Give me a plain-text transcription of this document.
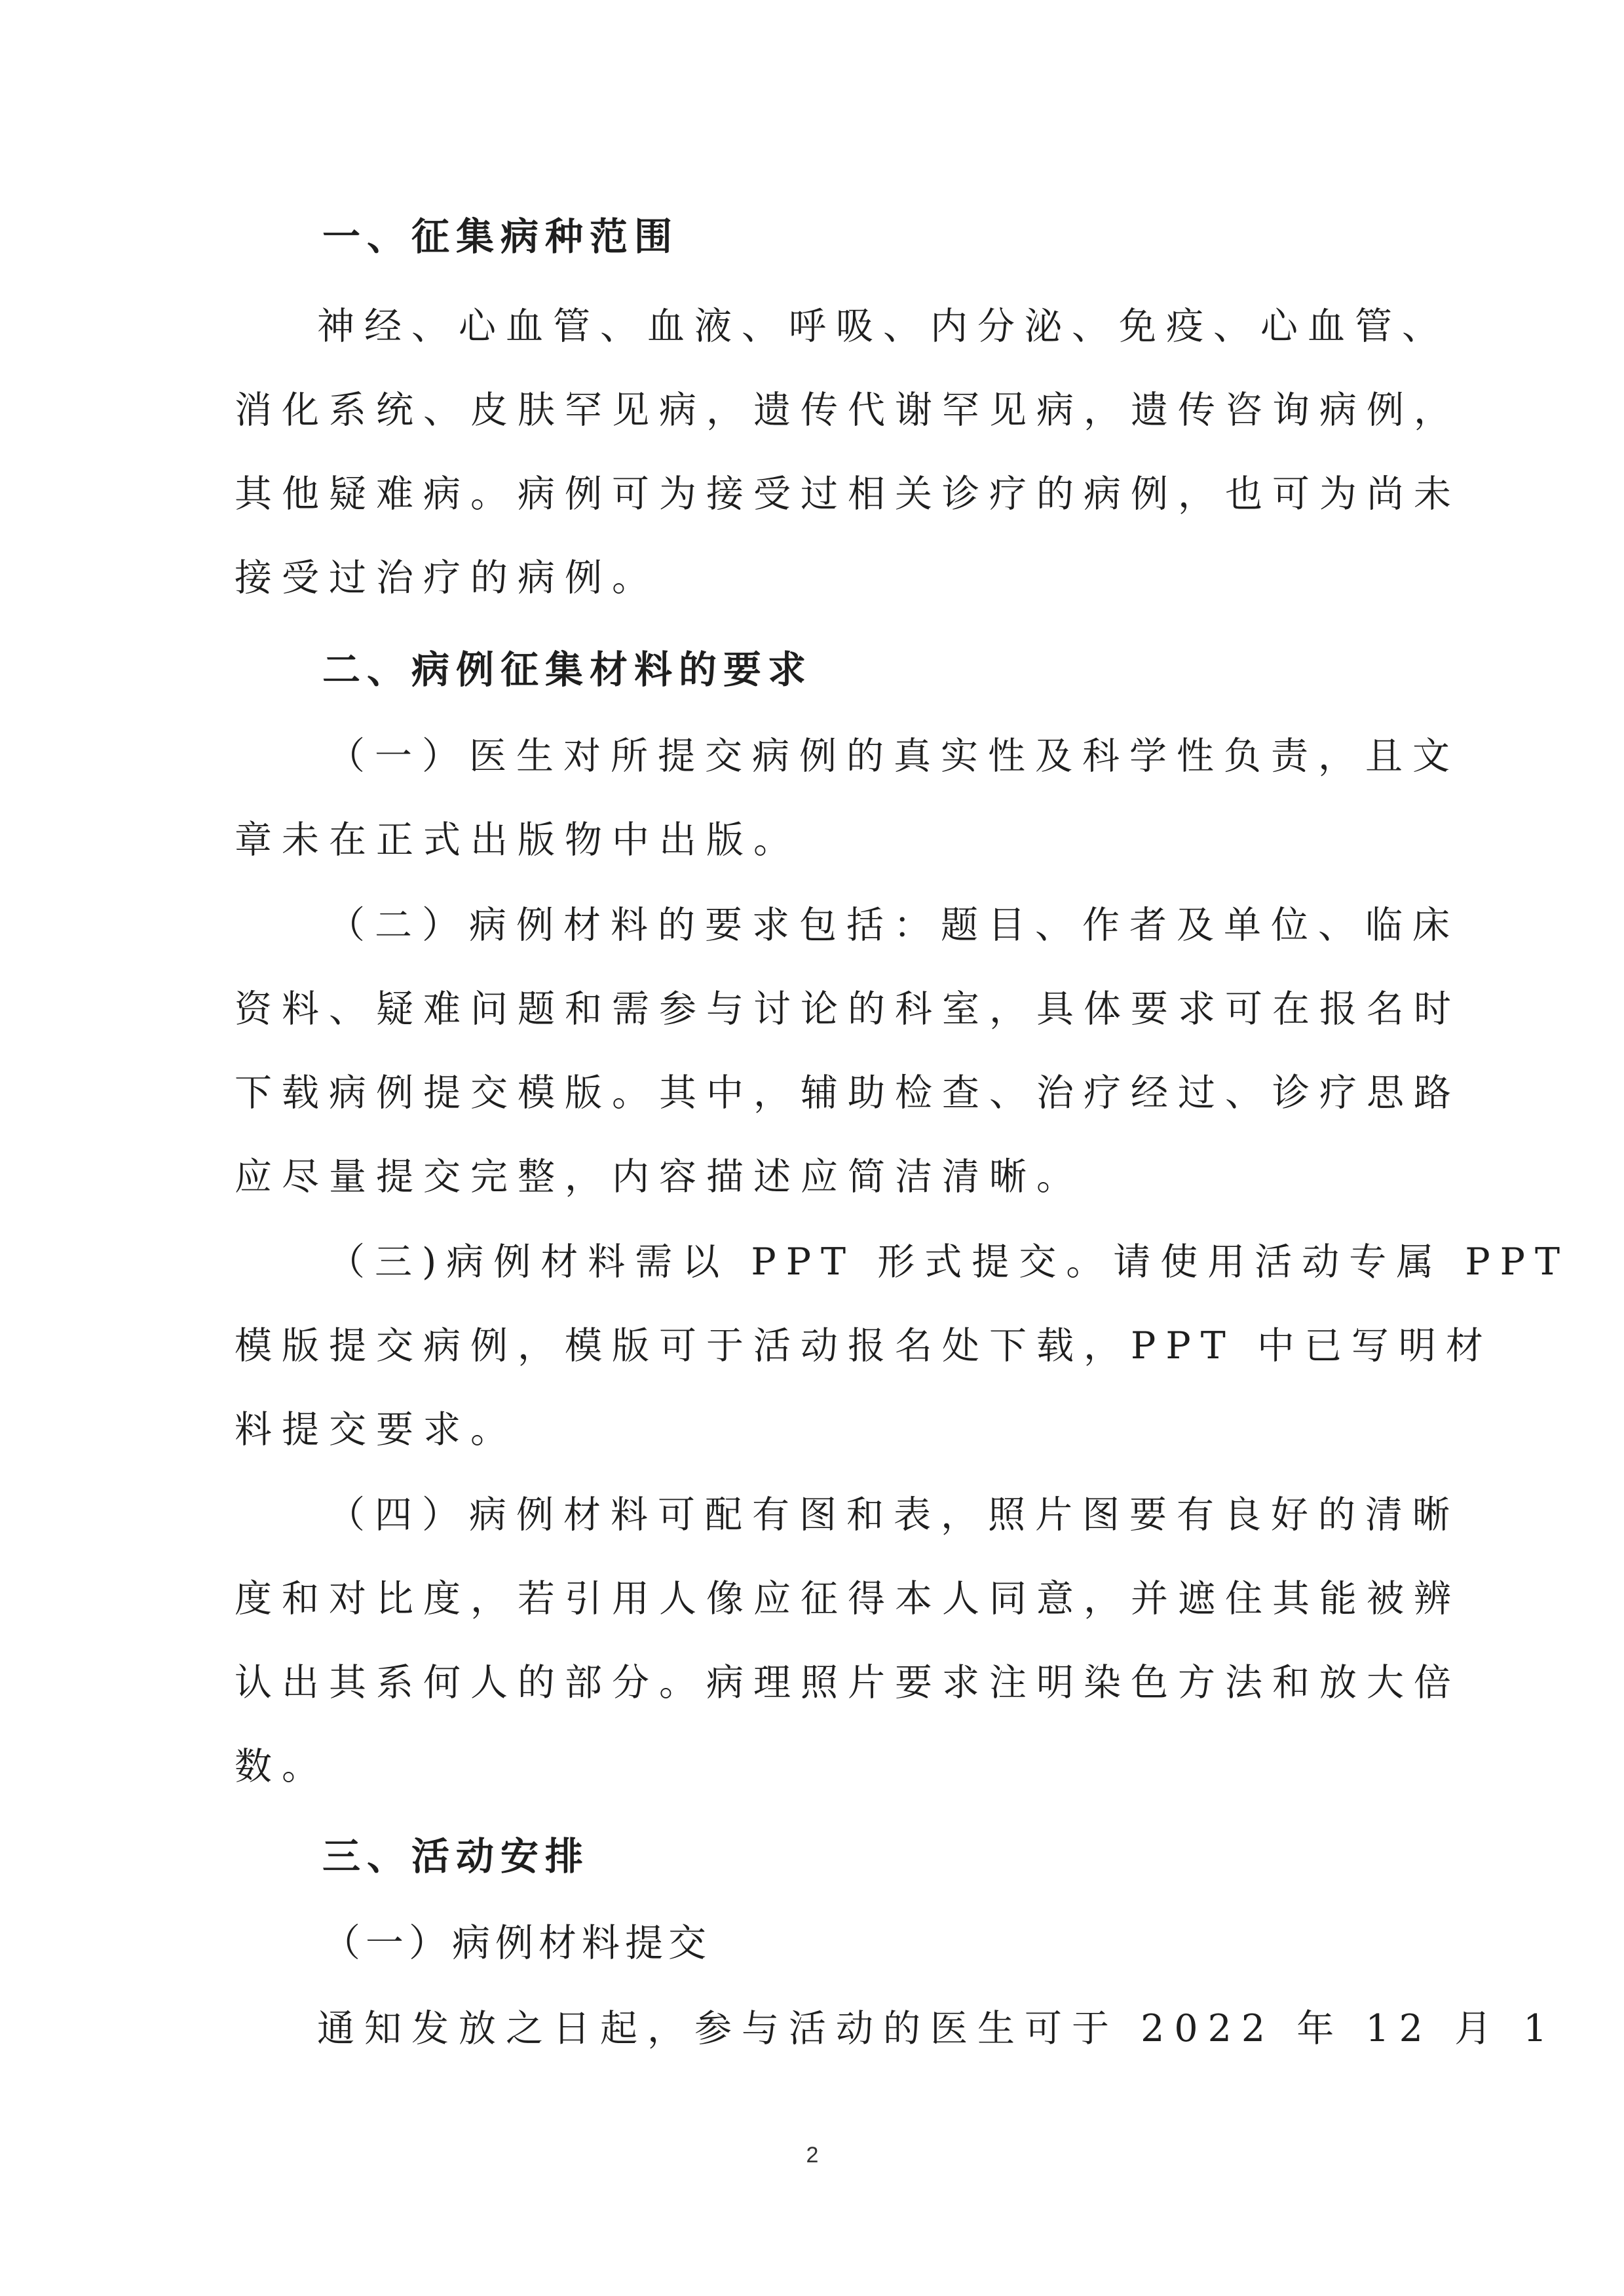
一、征集病种范围

神经、心血管、血液、呼吸、内分泌、免疫、心血管、

消化系统、皮肤罕见病，遗传代谢罕见病，遗传咨询病例，

其他疑难病。病例可为接受过相关诊疗的病例，也可为尚未

接受过治疗的病例。

二、病例征集材料的要求

（一）医生对所提交病例的真实性及科学性负责，且文

章未在正式出版物中出版。

（二）病例材料的要求包括：题目、作者及单位、临床

资料、疑难问题和需参与讨论的科室，具体要求可在报名时

下载病例提交模版。其中，辅助检查、治疗经过、诊疗思路

应尽量提交完整，内容描述应简洁清晰。

（三)病例材料需以 PPT 形式提交。请使用活动专属 PPT

模版提交病例，模版可于活动报名处下载，PPT 中已写明材

料提交要求。

（四）病例材料可配有图和表，照片图要有良好的清晰

度和对比度，若引用人像应征得本人同意，并遮住其能被辨

认出其系何人的部分。病理照片要求注明染色方法和放大倍

数。

三、活动安排

（一）病例材料提交

通知发放之日起，参与活动的医生可于 2022 年 12 月 1

2
